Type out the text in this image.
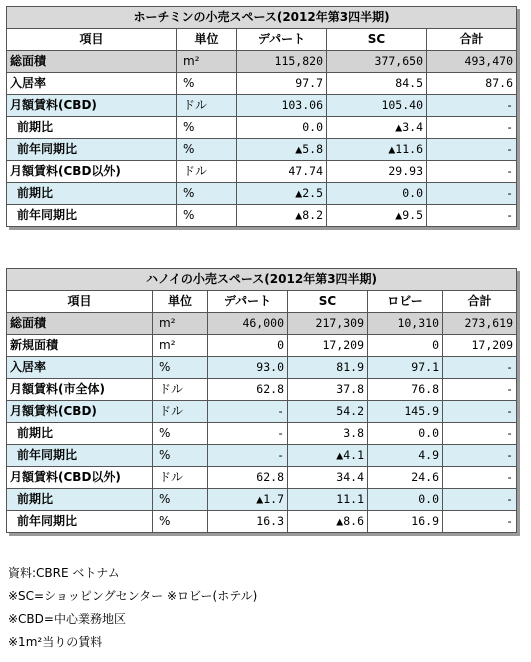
ホーチミンの小売スペース(2012年第3四半期)				
項目	単位	デパート	SC	合計
総面積	m²	115,820	377,650	493,470
入居率	%	97.7	84.5	87.6
月額賃料(CBD)	ドル	103.06	105.40	-
前期比	%	0.0	▲3.4	-
前年同期比	%	▲5.8	▲11.6	-
月額賃料(CBD以外)	ドル	47.74	29.93	-
前期比	%	▲2.5	0.0	-
前年同期比	%	▲8.2	▲9.5	-
ハノイの小売スペース(2012年第3四半期)					
項目	単位	デパート	SC	ロビー	合計
総面積	m²	46,000	217,309	10,310	273,619
新規面積	m²	0	17,209	0	17,209
入居率	%	93.0	81.9	97.1	-
月額賃料(市全体)	ドル	62.8	37.8	76.8	-
月額賃料(CBD)	ドル	-	54.2	145.9	-
前期比	%	-	3.8	0.0	-
前年同期比	%	-	▲4.1	4.9	-
月額賃料(CBD以外)	ドル	62.8	34.4	24.6	-
前期比	%	▲1.7	11.1	0.0	-
前年同期比	%	16.3	▲8.6	16.9	-
資料:CBRE ベトナム
※SC=ショッピングセンター ※ロビー(ホテル)
※CBD=中心業務地区
※1m²当りの賃料
